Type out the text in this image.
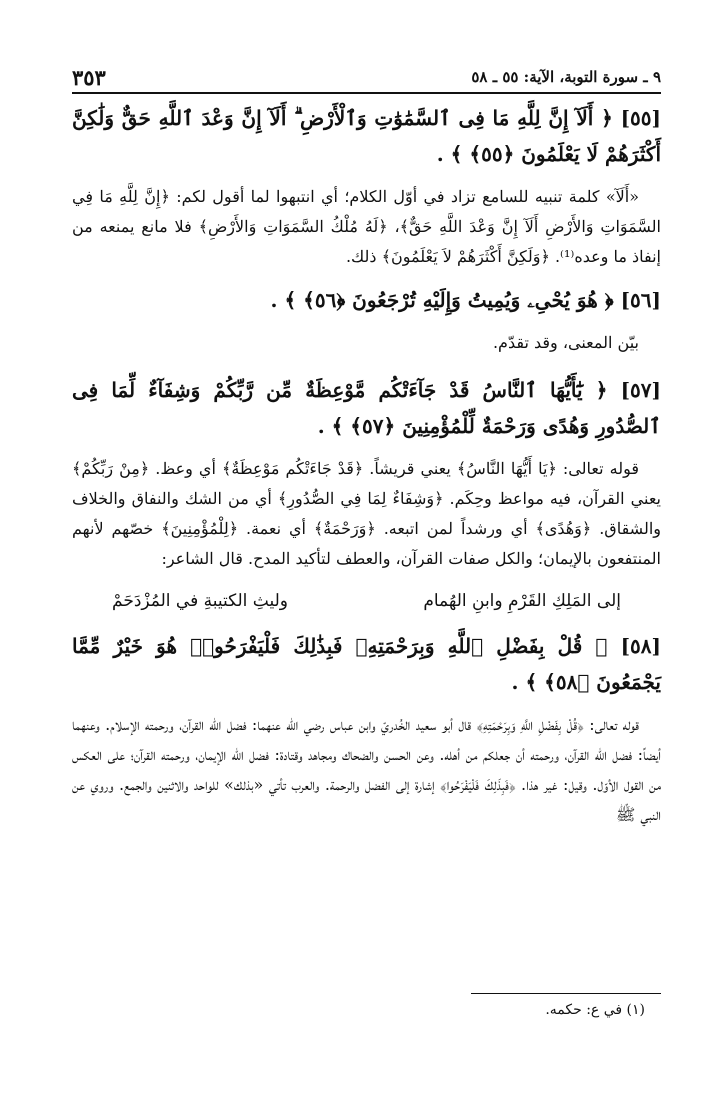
٩ ـ سورة التوبة، الآية: ٥٥ ـ ٥٨
٣٥٣

[٥٥] ﴿ أَلَآ إِنَّ لِلَّهِ مَا فِى ٱلسَّمَٰوَٰتِ وَٱلْأَرْضِ ۗ أَلَآ إِنَّ وَعْدَ ٱللَّهِ حَقٌّ وَلَٰكِنَّ أَكْثَرَهُمْ لَا يَعْلَمُونَ ﴿٥٥﴾ ﴾ .

«أَلَآ» كلمة تنبيه للسامع تزاد في أوّل الكلام؛ أي انتبهوا لما أقول لكم: ﴿إِنَّ لِلَّهِ مَا فِي السَّمَوَاتِ وَالأَرْضِ أَلَآ إِنَّ وَعْدَ اللَّهِ حَقٌّ﴾، ﴿لَهُ مُلْكُ السَّمَوَاتِ وَالأَرْضِ﴾ فلا مانع يمنعه من إنفاذ ما وعده⁽¹⁾. ﴿وَلَكِنَّ أَكْثَرَهُمْ لاَ يَعْلَمُونَ﴾ ذلك.

[٥٦] ﴿ هُوَ يُحْىِۦ وَيُمِيتُ وَإِلَيْهِ تُرْجَعُونَ ﴿٥٦﴾ ﴾ .

بيّن المعنى، وقد تقدّم.

[٥٧] ﴿ يَٰٓأَيُّهَا ٱلنَّاسُ قَدْ جَآءَتْكُم مَّوْعِظَةٌ مِّن رَّبِّكُمْ وَشِفَآءٌ لِّمَا فِى ٱلصُّدُورِ وَهُدًى وَرَحْمَةٌ لِّلْمُؤْمِنِينَ ﴿٥٧﴾ ﴾ .

قوله تعالى: ﴿يَا أَيُّهَا النَّاسُ﴾ يعني قريشاً. ﴿قَدْ جَاءَتْكُم مَوْعِظَةٌ﴾ أي وعظ. ﴿مِنْ رَبِّكُمْ﴾ يعني القرآن، فيه مواعظ وحِكَم. ﴿وَشِفَاءٌ لِمَا فِي الصُّدُورِ﴾ أي من الشك والنفاق والخلاف والشقاق. ﴿وَهُدًى﴾ أي ورشداً لمن اتبعه. ﴿وَرَحْمَةٌ﴾ أي نعمة. ﴿لِلْمُؤْمِنِينَ﴾ خصّهم لأنهم المنتفعون بالإيمان؛ والكل صفات القرآن، والعطف لتأكيد المدح. قال الشاعر:

إلى المَلِكِ القَرْمِ وابنِ الهُمام
وليثِ الكتيبةِ في المُزْدَحَمْ

[٥٨] ﴿ قُلْ بِفَضْلِ ٱللَّهِ وَبِرَحْمَتِهِۦ فَبِذَٰلِكَ فَلْيَفْرَحُوا۟ هُوَ خَيْرٌ مِّمَّا يَجْمَعُونَ ﴿٥٨﴾ ﴾ .

قوله تعالى: ﴿قُلْ بِفَضْلِ اللَّهِ وَبِرَحْمَتِهِ﴾ قال أبو سعيد الخُدريّ وابن عباس رضي الله عنهما: فضل الله القرآن، ورحمته الإسلام. وعنهما أيضاً: فضل الله القرآن، ورحمته أن جعلكم من أهله. وعن الحسن والضحاك ومجاهد وقتادة: فضل الله الإيمان، ورحمته القرآن؛ على العكس من القول الأوّل. وقيل: غير هذا. ﴿فَبِذَلِكَ فَلْيَفْرَحُوا﴾ إشارة إلى الفضل والرحمة. والعرب تأتي «بذلك» للواحد والاثنين والجمع. وروي عن النبي ﷺ

(١) في ع: حكمه.
